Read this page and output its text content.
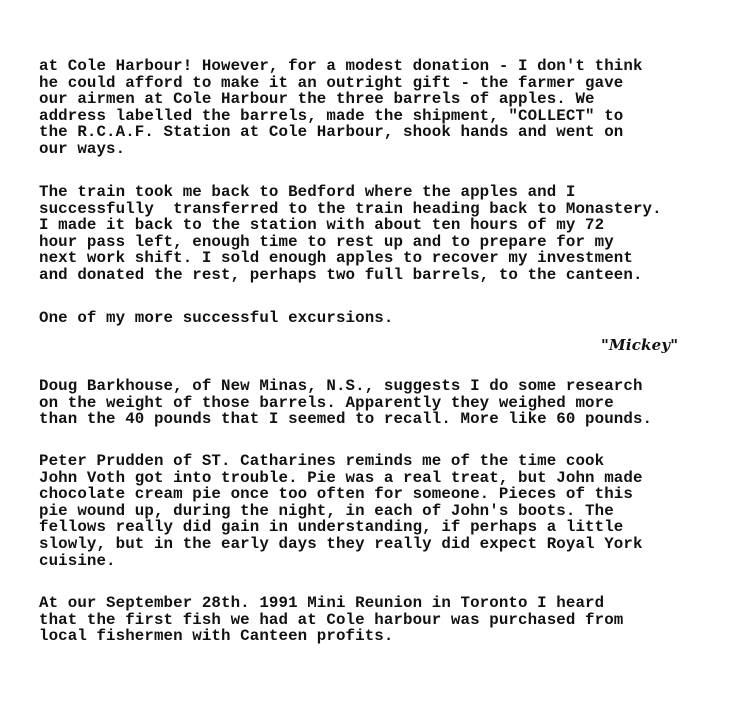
at Cole Harbour! However, for a modest donation - I don't think
he could afford to make it an outright gift - the farmer gave
our airmen at Cole Harbour the three barrels of apples. We
address labelled the barrels, made the shipment, "COLLECT" to
the R.C.A.F. Station at Cole Harbour, shook hands and went on
our ways.

The train took me back to Bedford where the apples and I
successfully  transferred to the train heading back to Monastery.
I made it back to the station with about ten hours of my 72
hour pass left, enough time to rest up and to prepare for my
next work shift. I sold enough apples to recover my investment
and donated the rest, perhaps two full barrels, to the canteen.

One of my more successful excursions.

"Mickey"

Doug Barkhouse, of New Minas, N.S., suggests I do some research
on the weight of those barrels. Apparently they weighed more
than the 40 pounds that I seemed to recall. More like 60 pounds.

Peter Prudden of ST. Catharines reminds me of the time cook
John Voth got into trouble. Pie was a real treat, but John made
chocolate cream pie once too often for someone. Pieces of this
pie wound up, during the night, in each of John's boots. The
fellows really did gain in understanding, if perhaps a little
slowly, but in the early days they really did expect Royal York
cuisine.

At our September 28th. 1991 Mini Reunion in Toronto I heard
that the first fish we had at Cole harbour was purchased from
local fishermen with Canteen profits.
